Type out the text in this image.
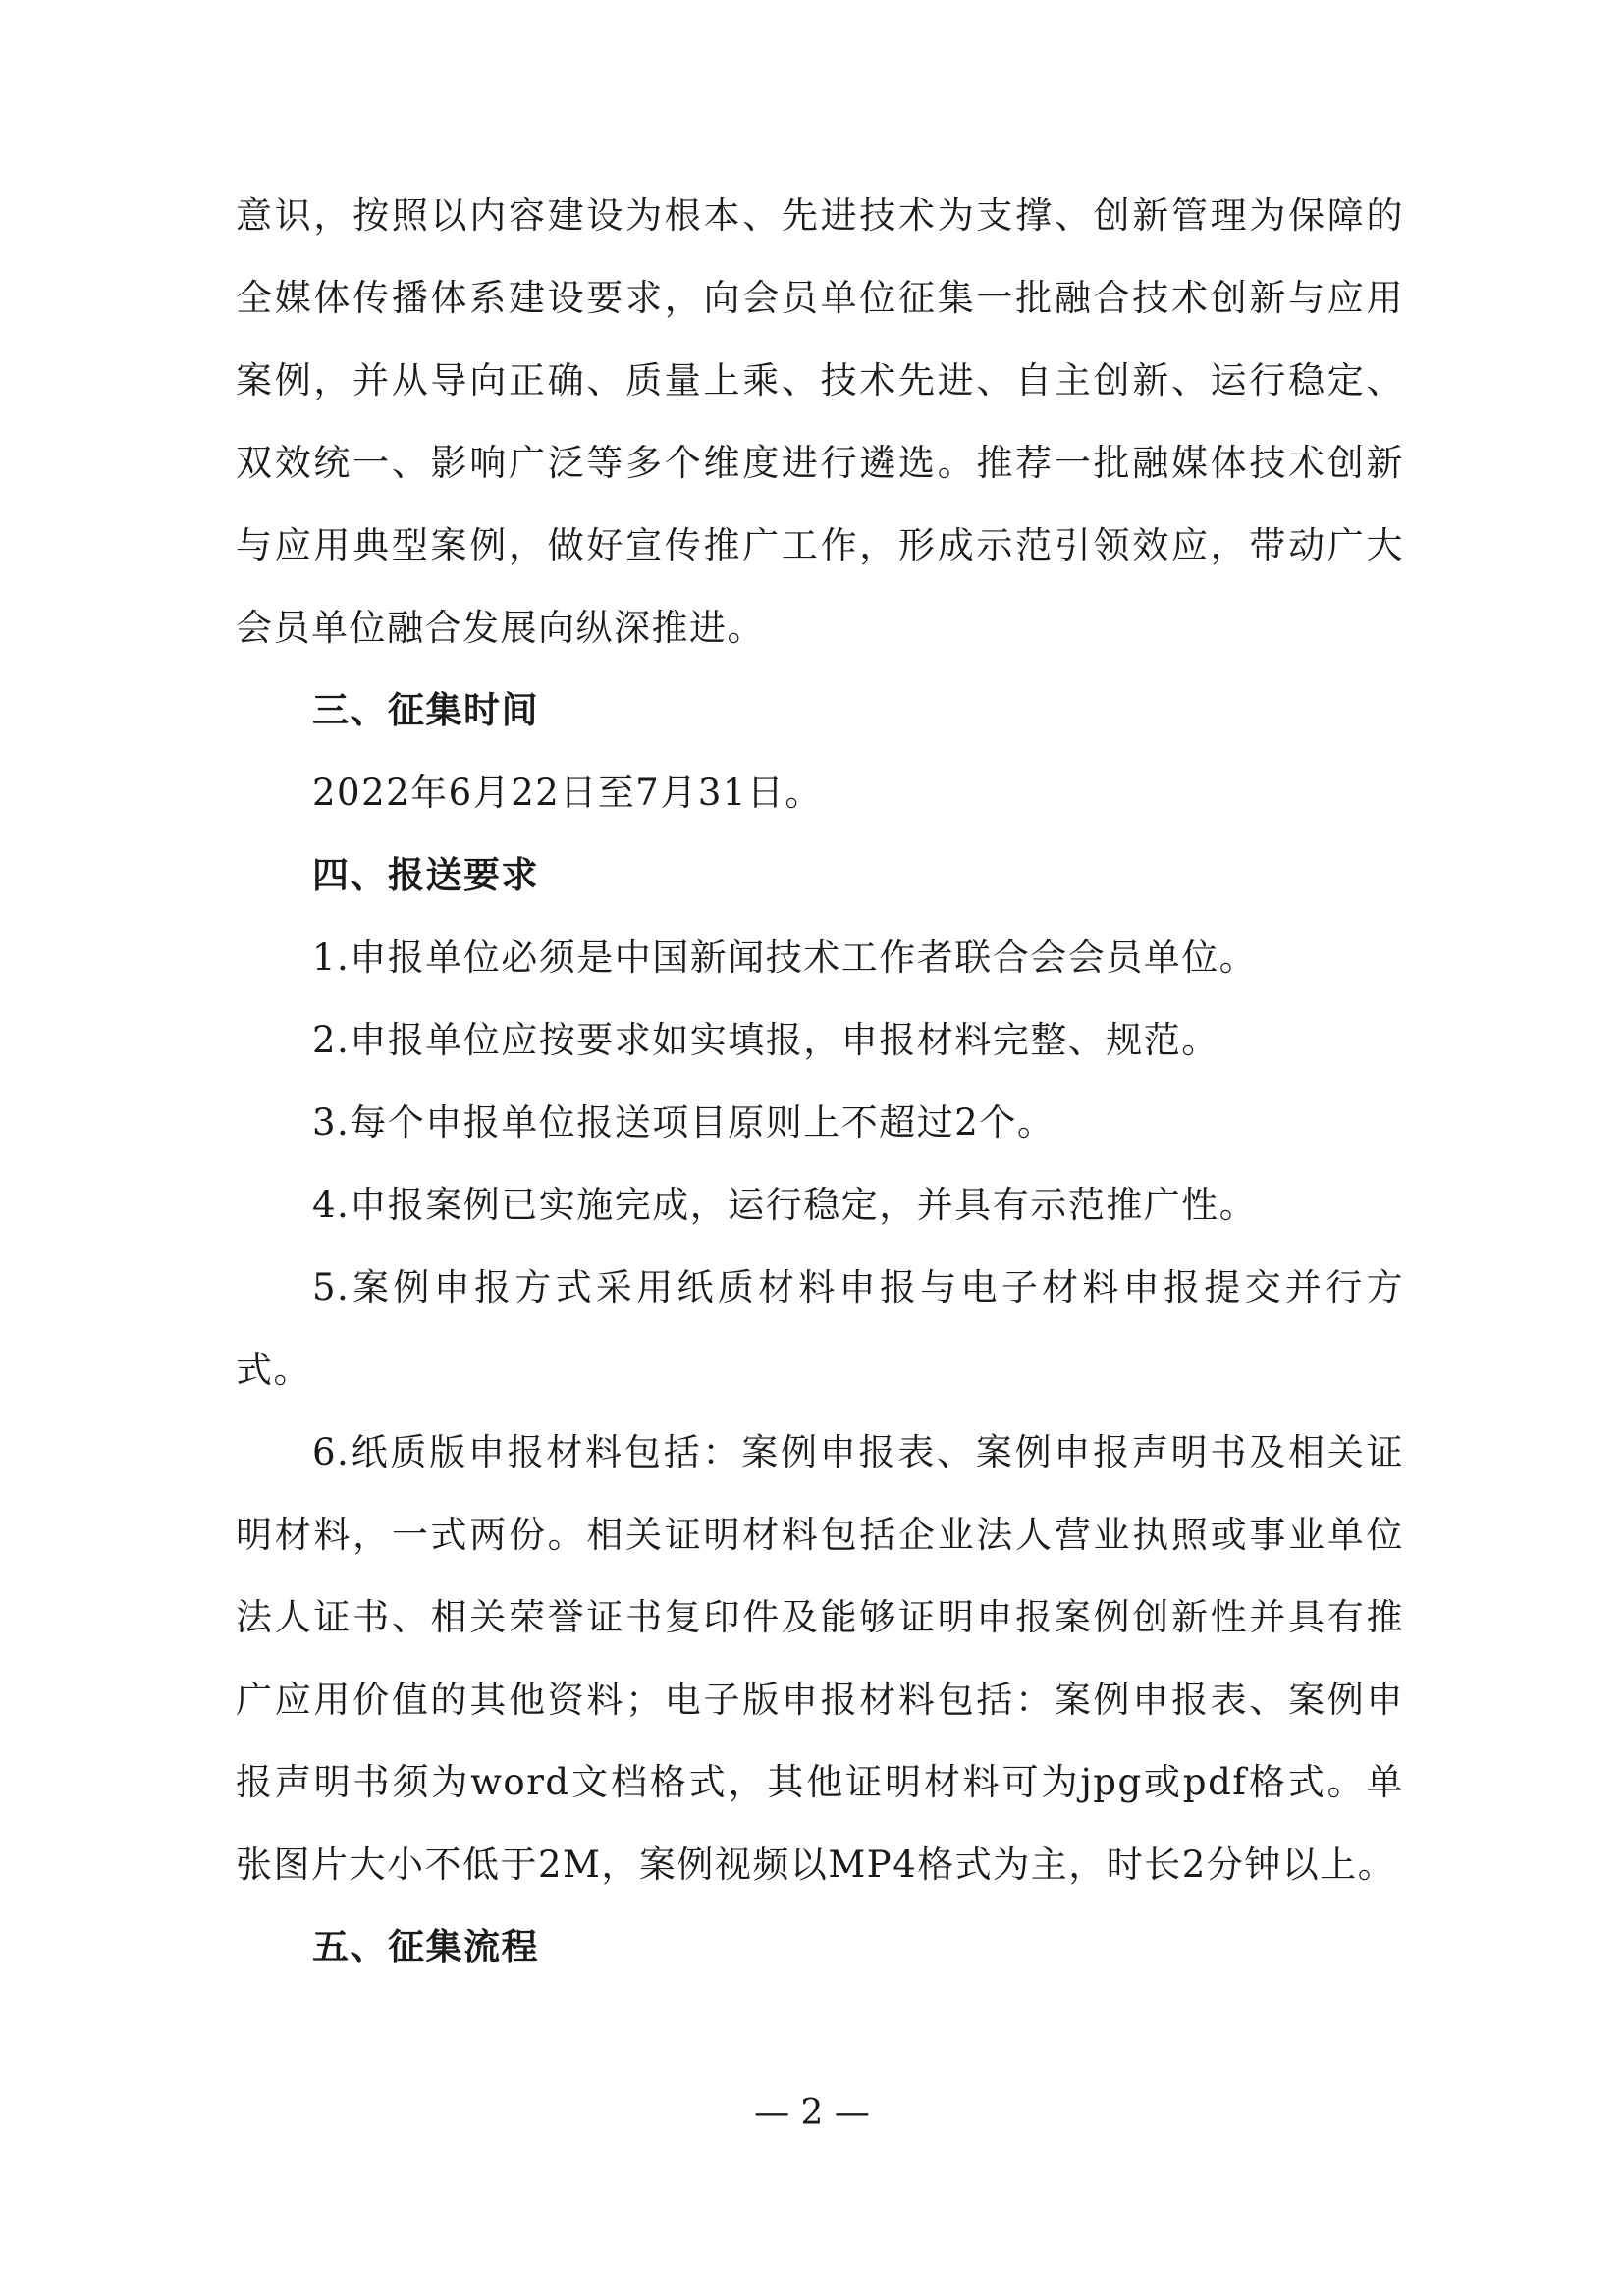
意识，按照以内容建设为根本、先进技术为支撑、创新管理为保障的全媒体传播体系建设要求，向会员单位征集一批融合技术创新与应用案例，并从导向正确、质量上乘、技术先进、自主创新、运行稳定、双效统一、影响广泛等多个维度进行遴选。推荐一批融媒体技术创新与应用典型案例，做好宣传推广工作，形成示范引领效应，带动广大会员单位融合发展向纵深推进。

三、征集时间

2022年6月22日至7月31日。

四、报送要求

1.申报单位必须是中国新闻技术工作者联合会会员单位。

2.申报单位应按要求如实填报，申报材料完整、规范。

3.每个申报单位报送项目原则上不超过2个。

4.申报案例已实施完成，运行稳定，并具有示范推广性。

5.案例申报方式采用纸质材料申报与电子材料申报提交并行方式。

6.纸质版申报材料包括：案例申报表、案例申报声明书及相关证明材料，一式两份。相关证明材料包括企业法人营业执照或事业单位法人证书、相关荣誉证书复印件及能够证明申报案例创新性并具有推广应用价值的其他资料；电子版申报材料包括：案例申报表、案例申报声明书须为word文档格式，其他证明材料可为jpg或pdf格式。单张图片大小不低于2M，案例视频以MP4格式为主，时长2分钟以上。

五、征集流程

— 2 —
